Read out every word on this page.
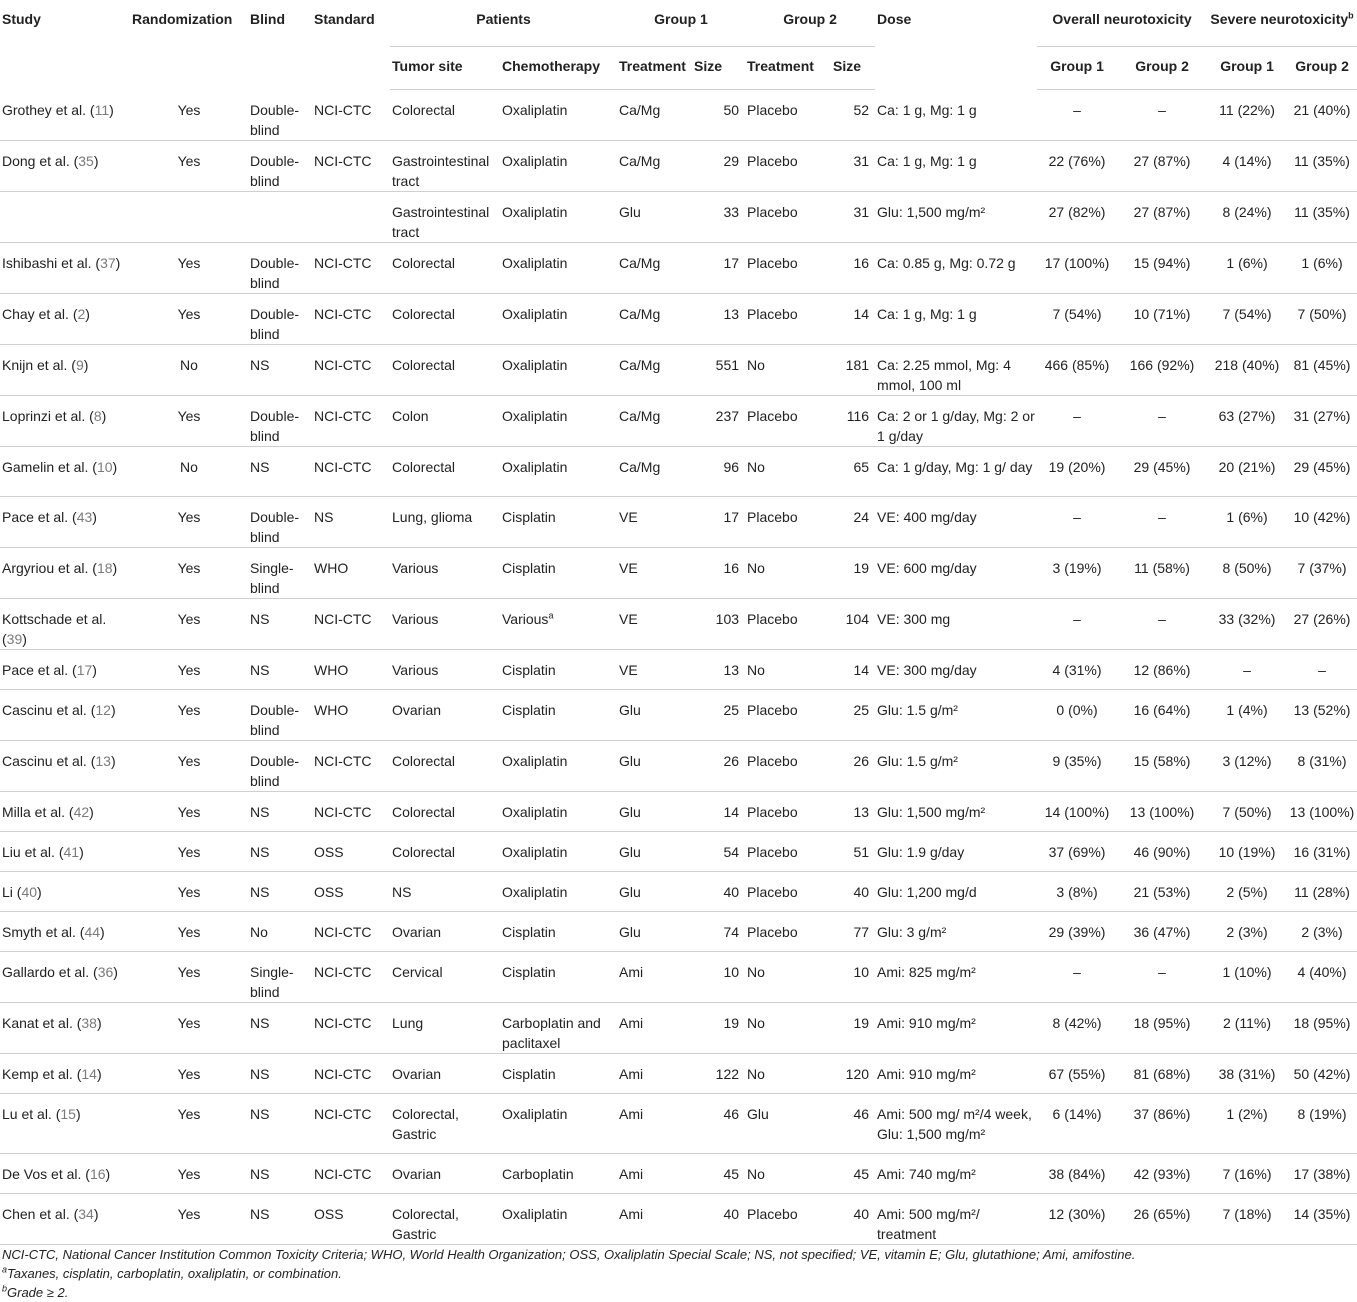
Study	Randomization	Blind	Standard	Patients		Group 1		Group 2		Dose	Overall neurotoxicity		Severe neurotoxicity$^b$
				Tumor site	Chemotherapy	Treatment	Size	Treatment	Size		Group 1	Group 2	Group 1	Group 2
Grothey et al. (11)	Yes	Double-blind	NCI-CTC	Colorectal	Oxaliplatin	Ca/Mg	50	Placebo	52	Ca: 1 g, Mg: 1 g	–	–	11 (22%)	21 (40%)
Dong et al. (35)	Yes	Double-blind	NCI-CTC	Gastrointestinal tract	Oxaliplatin	Ca/Mg	29	Placebo	31	Ca: 1 g, Mg: 1 g	22 (76%)	27 (87%)	4 (14%)	11 (35%)
				Gastrointestinal tract	Oxaliplatin	Glu	33	Placebo	31	Glu: 1,500 mg/m²	27 (82%)	27 (87%)	8 (24%)	11 (35%)
Ishibashi et al. (37)	Yes	Double-blind	NCI-CTC	Colorectal	Oxaliplatin	Ca/Mg	17	Placebo	16	Ca: 0.85 g, Mg: 0.72 g	17 (100%)	15 (94%)	1 (6%)	1 (6%)
Chay et al. (2)	Yes	Double-blind	NCI-CTC	Colorectal	Oxaliplatin	Ca/Mg	13	Placebo	14	Ca: 1 g, Mg: 1 g	7 (54%)	10 (71%)	7 (54%)	7 (50%)
Knijn et al. (9)	No	NS	NCI-CTC	Colorectal	Oxaliplatin	Ca/Mg	551	No	181	Ca: 2.25 mmol, Mg: 4 mmol, 100 ml	466 (85%)	166 (92%)	218 (40%)	81 (45%)
Loprinzi et al. (8)	Yes	Double-blind	NCI-CTC	Colon	Oxaliplatin	Ca/Mg	237	Placebo	116	Ca: 2 or 1 g/day, Mg: 2 or 1 g/day	–	–	63 (27%)	31 (27%)
Gamelin et al. (10)	No	NS	NCI-CTC	Colorectal	Oxaliplatin	Ca/Mg	96	No	65	Ca: 1 g/day, Mg: 1 g/ day	19 (20%)	29 (45%)	20 (21%)	29 (45%)
Pace et al. (43)	Yes	Double-blind	NS	Lung, glioma	Cisplatin	VE	17	Placebo	24	VE: 400 mg/day	–	–	1 (6%)	10 (42%)
Argyriou et al. (18)	Yes	Single-blind	WHO	Various	Cisplatin	VE	16	No	19	VE: 600 mg/day	3 (19%)	11 (58%)	8 (50%)	7 (37%)
Kottschade et al. (39)	Yes	NS	NCI-CTC	Various	Various$^a$	VE	103	Placebo	104	VE: 300 mg	–	–	33 (32%)	27 (26%)
Pace et al. (17)	Yes	NS	WHO	Various	Cisplatin	VE	13	No	14	VE: 300 mg/day	4 (31%)	12 (86%)	–	–
Cascinu et al. (12)	Yes	Double-blind	WHO	Ovarian	Cisplatin	Glu	25	Placebo	25	Glu: 1.5 g/m²	0 (0%)	16 (64%)	1 (4%)	13 (52%)
Cascinu et al. (13)	Yes	Double-blind	NCI-CTC	Colorectal	Oxaliplatin	Glu	26	Placebo	26	Glu: 1.5 g/m²	9 (35%)	15 (58%)	3 (12%)	8 (31%)
Milla et al. (42)	Yes	NS	NCI-CTC	Colorectal	Oxaliplatin	Glu	14	Placebo	13	Glu: 1,500 mg/m²	14 (100%)	13 (100%)	7 (50%)	13 (100%)
Liu et al. (41)	Yes	NS	OSS	Colorectal	Oxaliplatin	Glu	54	Placebo	51	Glu: 1.9 g/day	37 (69%)	46 (90%)	10 (19%)	16 (31%)
Li (40)	Yes	NS	OSS	NS	Oxaliplatin	Glu	40	Placebo	40	Glu: 1,200 mg/d	3 (8%)	21 (53%)	2 (5%)	11 (28%)
Smyth et al. (44)	Yes	No	NCI-CTC	Ovarian	Cisplatin	Glu	74	Placebo	77	Glu: 3 g/m²	29 (39%)	36 (47%)	2 (3%)	2 (3%)
Gallardo et al. (36)	Yes	Single-blind	NCI-CTC	Cervical	Cisplatin	Ami	10	No	10	Ami: 825 mg/m²	–	–	1 (10%)	4 (40%)
Kanat et al. (38)	Yes	NS	NCI-CTC	Lung	Carboplatin and paclitaxel	Ami	19	No	19	Ami: 910 mg/m²	8 (42%)	18 (95%)	2 (11%)	18 (95%)
Kemp et al. (14)	Yes	NS	NCI-CTC	Ovarian	Cisplatin	Ami	122	No	120	Ami: 910 mg/m²	67 (55%)	81 (68%)	38 (31%)	50 (42%)
Lu et al. (15)	Yes	NS	NCI-CTC	Colorectal, Gastric	Oxaliplatin	Ami	46	Glu	46	Ami: 500 mg/ m²/4 week, Glu: 1,500 mg/m²	6 (14%)	37 (86%)	1 (2%)	8 (19%)
De Vos et al. (16)	Yes	NS	NCI-CTC	Ovarian	Carboplatin	Ami	45	No	45	Ami: 740 mg/m²	38 (84%)	42 (93%)	7 (16%)	17 (38%)
Chen et al. (34)	Yes	NS	OSS	Colorectal, Gastric	Oxaliplatin	Ami	40	Placebo	40	Ami: 500 mg/m²/ treatment	12 (30%)	26 (65%)	7 (18%)	14 (35%)
NCI-CTC, National Cancer Institution Common Toxicity Criteria; WHO, World Health Organization; OSS, Oxaliplatin Special Scale; NS, not specified; VE, vitamin E; Glu, glutathione; Ami, amifostine.
$^a$Taxanes, cisplatin, carboplatin, oxaliplatin, or combination.
$^b$Grade ≥ 2.
